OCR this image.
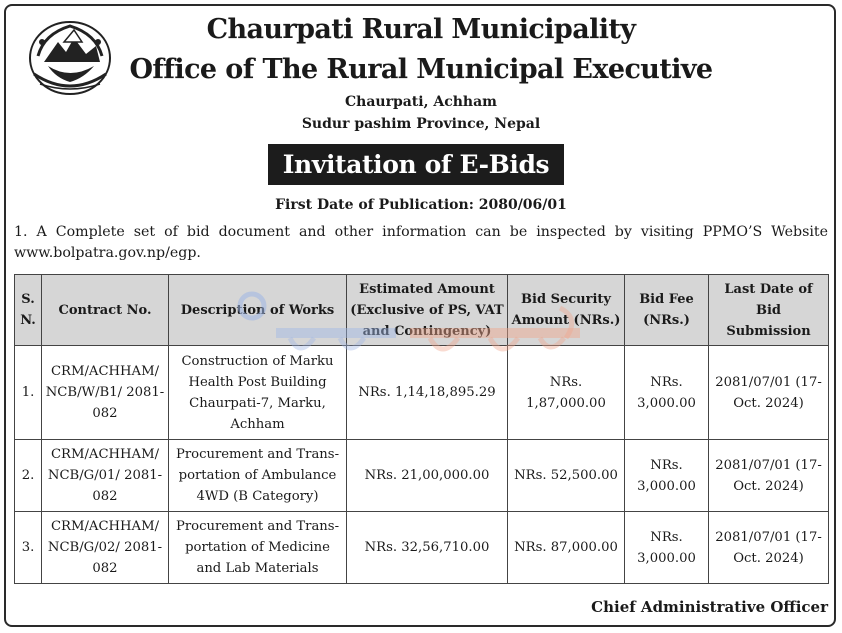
Chaurpati Rural Municipality
Office of The Rural Municipal Executive
Chaurpati, Achham
Sudur pashim Province, Nepal
Invitation of E-Bids
First Date of Publication: 2080/06/01
1. A Complete set of bid document and other information can be inspected by visiting PPMO’S Website
www.bolpatra.gov.np/egp.
S. N.	Contract No.	Description of Works	Estimated Amount (Exclusive of PS, VAT and Contingency)	Bid Security Amount (NRs.)	Bid Fee (NRs.)	Last Date of Bid Submission
1.	CRM/ACHHAM/ NCB/W/B1/ 2081-082	Construction of Marku Health Post Building Chaurpati-7, Marku, Achham	NRs. 1,14,18,895.29	NRs. 1,87,000.00	NRs. 3,000.00	2081/07/01 (17-Oct. 2024)
2.	CRM/ACHHAM/ NCB/G/01/ 2081-082	Procurement and Trans- portation of Ambulance 4WD (B Category)	NRs. 21,00,000.00	NRs. 52,500.00	NRs. 3,000.00	2081/07/01 (17-Oct. 2024)
3.	CRM/ACHHAM/ NCB/G/02/ 2081-082	Procurement and Trans- portation of Medicine and Lab Materials	NRs. 32,56,710.00	NRs. 87,000.00	NRs. 3,000.00	2081/07/01 (17-Oct. 2024)
Chief Administrative Officer
